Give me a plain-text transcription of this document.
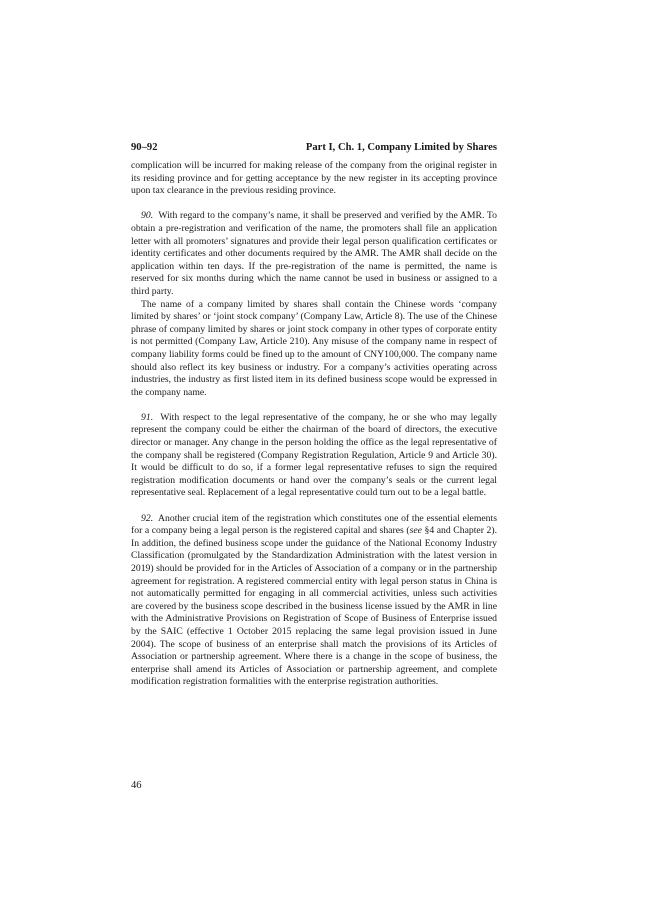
90–92	Part I, Ch. 1, Company Limited by Shares

complication will be incurred for making release of the company from the original register in its residing province and for getting acceptance by the new register in its accepting province upon tax clearance in the previous residing province.

90. With regard to the company’s name, it shall be preserved and verified by the AMR. To obtain a pre-registration and verification of the name, the promoters shall file an application letter with all promoters’ signatures and provide their legal person qualification certificates or identity certificates and other documents required by the AMR. The AMR shall decide on the application within ten days. If the pre-registration of the name is permitted, the name is reserved for six months during which the name cannot be used in business or assigned to a third party.

The name of a company limited by shares shall contain the Chinese words ‘company limited by shares’ or ‘joint stock company’ (Company Law, Article 8). The use of the Chinese phrase of company limited by shares or joint stock company in other types of corporate entity is not permitted (Company Law, Article 210). Any misuse of the company name in respect of company liability forms could be fined up to the amount of CNY100,000. The company name should also reflect its key business or industry. For a company’s activities operating across industries, the industry as first listed item in its defined business scope would be expressed in the company name.

91. With respect to the legal representative of the company, he or she who may legally represent the company could be either the chairman of the board of directors, the executive director or manager. Any change in the person holding the office as the legal representative of the company shall be registered (Company Registration Regulation, Article 9 and Article 30). It would be difficult to do so, if a former legal representative refuses to sign the required registration modification documents or hand over the company’s seals or the current legal representative seal. Replacement of a legal representative could turn out to be a legal battle.

92. Another crucial item of the registration which constitutes one of the essential elements for a company being a legal person is the registered capital and shares (see §4 and Chapter 2). In addition, the defined business scope under the guidance of the National Economy Industry Classification (promulgated by the Standardization Administration with the latest version in 2019) should be provided for in the Articles of Association of a company or in the partnership agreement for registration. A registered commercial entity with legal person status in China is not automatically permitted for engaging in all commercial activities, unless such activities are covered by the business scope described in the business license issued by the AMR in line with the Administrative Provisions on Registration of Scope of Business of Enterprise issued by the SAIC (effective 1 October 2015 replacing the same legal provision issued in June 2004). The scope of business of an enterprise shall match the provisions of its Articles of Association or partnership agreement. Where there is a change in the scope of business, the enterprise shall amend its Articles of Association or partnership agreement, and complete modification registration formalities with the enterprise registration authorities.

46
